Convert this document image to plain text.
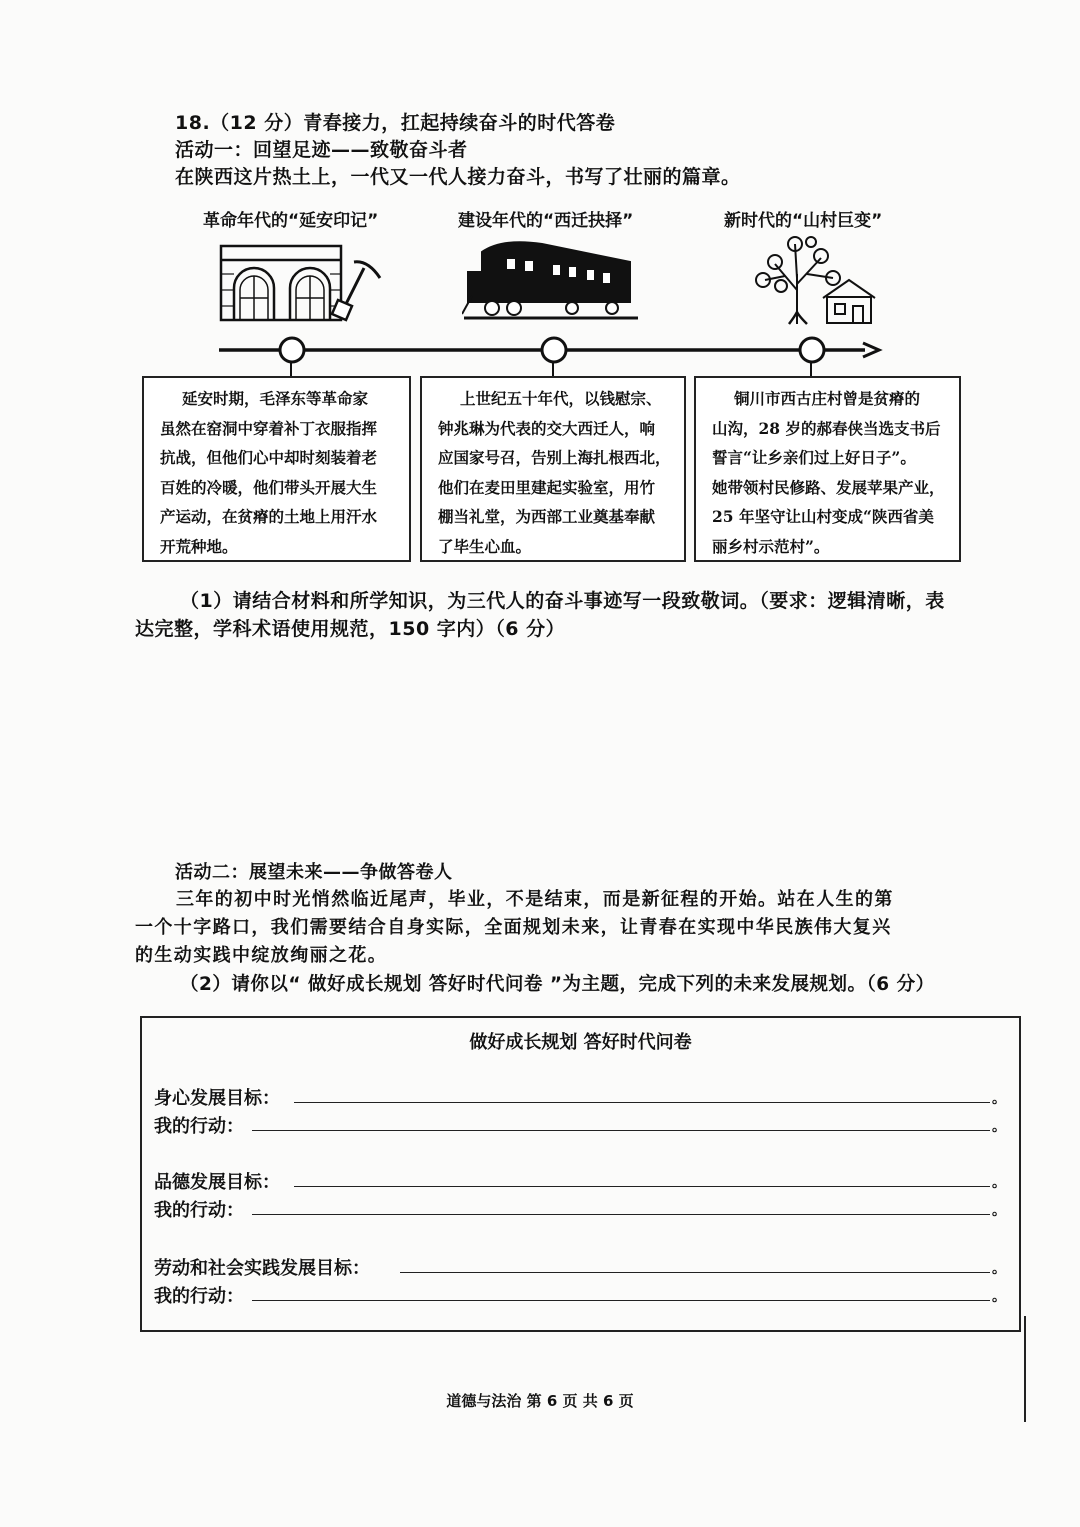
18.（12 分）青春接力，扛起持续奋斗的时代答卷
活动一：回望足迹——致敬奋斗者
在陕西这片热土上，一代又一代人接力奋斗，书写了壮丽的篇章。
革命年代的“延安印记”	建设年代的“西迁抉择”	新时代的“山村巨变”
延安时期，毛泽东等革命家
虽然在窑洞中穿着补丁衣服指挥
抗战，但他们心中却时刻装着老
百姓的冷暖，他们带头开展大生
产运动，在贫瘠的土地上用汗水
开荒种地。
上世纪五十年代，以钱慰宗、
钟兆琳为代表的交大西迁人，响
应国家号召，告别上海扎根西北，
他们在麦田里建起实验室，用竹
棚当礼堂，为西部工业奠基奉献
了毕生心血。
铜川市西古庄村曾是贫瘠的
山沟，28 岁的郝春侠当选支书后
誓言“让乡亲们过上好日子”。
她带领村民修路、发展苹果产业，
25 年坚守让山村变成“陕西省美
丽乡村示范村”。
（1）请结合材料和所学知识，为三代人的奋斗事迹写一段致敬词。（要求：逻辑清晰，表
达完整，学科术语使用规范，150 字内）（6 分）
活动二：展望未来——争做答卷人
三年的初中时光悄然临近尾声，毕业，不是结束，而是新征程的开始。站在人生的第
一个十字路口，我们需要结合自身实际，全面规划未来，让青春在实现中华民族伟大复兴
的生动实践中绽放绚丽之花。
（2）请你以“ 做好成长规划 答好时代问卷 ”为主题，完成下列的未来发展规划。（6 分）
做好成长规划 答好时代问卷
身心发展目标：	。
我的行动：	。
品德发展目标：	。
我的行动：	。
劳动和社会实践发展目标：	。
我的行动：	。
道德与法治 第 6 页 共 6 页
